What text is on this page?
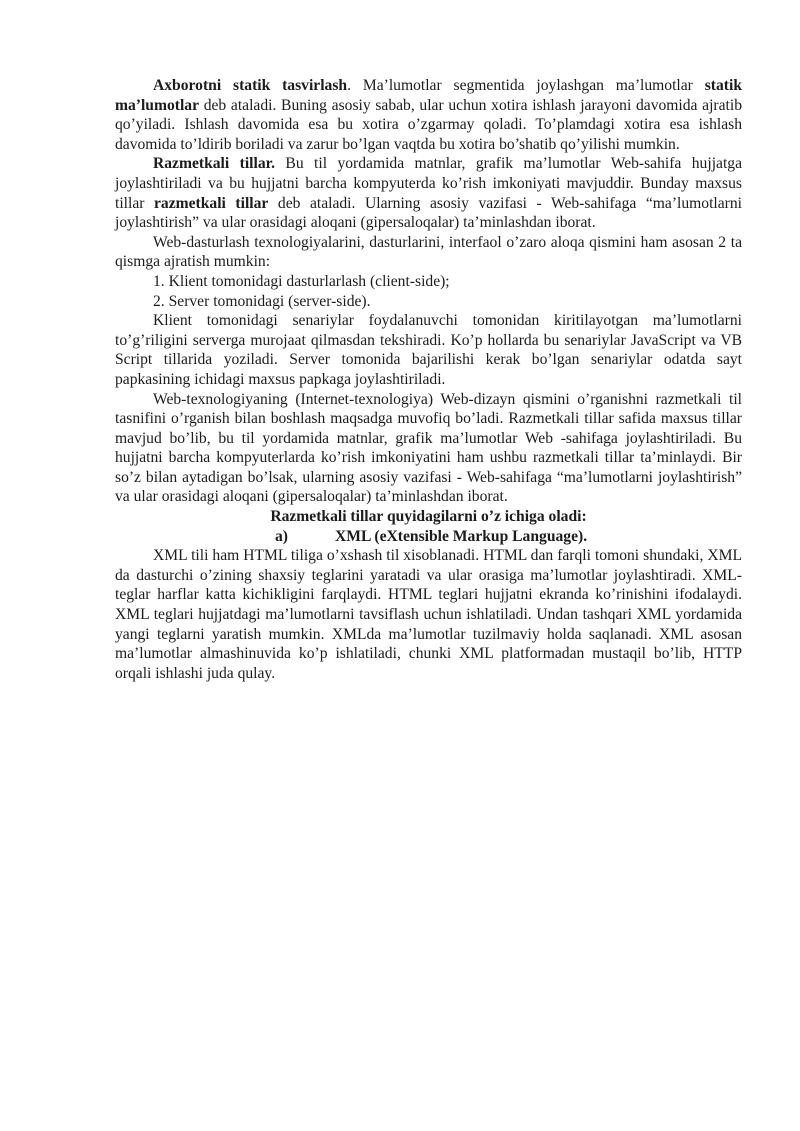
Axborotni statik tasvirlash. Ma’lumotlar segmentida joylashgan ma’lumotlar statik ma’lumotlar deb ataladi. Buning asosiy sabab, ular uchun xotira ishlash jarayoni davomida ajratib qo’yiladi. Ishlash davomida esa bu xotira o’zgarmay qoladi. To’plamdagi xotira esa ishlash davomida to’ldirib boriladi va zarur bo’lgan vaqtda bu xotira bo’shatib qo’yilishi mumkin.

Razmetkali tillar. Bu til yordamida matnlar, grafik ma’lumotlar Web-sahifa hujjatga joylashtiriladi va bu hujjatni barcha kompyuterda ko’rish imkoniyati mavjuddir. Bunday maxsus tillar razmetkali tillar deb ataladi. Ularning asosiy vazifasi - Web-sahifaga “ma’lumotlarni joylashtirish” va ular orasidagi aloqani (gipersaloqalar) ta’minlashdan iborat.

Web-dasturlash texnologiyalarini, dasturlarini, interfaol o’zaro aloqa qismini ham asosan 2 ta qismga ajratish mumkin:

1. Klient tomonidagi dasturlarlash (client-side);

2. Server tomonidagi (server-side).

Klient tomonidagi senariylar foydalanuvchi tomonidan kiritilayotgan ma’lumotlarni to’g’riligini serverga murojaat qilmasdan tekshiradi. Ko’p hollarda bu senariylar JavaScript va VB Script tillarida yoziladi. Server tomonida bajarilishi kerak bo’lgan senariylar odatda sayt papkasining ichidagi maxsus papkaga joylashtiriladi.

Web-texnologiyaning (Internet-texnologiya) Web-dizayn qismini o’rganishni razmetkali til tasnifini o’rganish bilan boshlash maqsadga muvofiq bo’ladi. Razmetkali tillar safida maxsus tillar mavjud bo’lib, bu til yordamida matnlar, grafik ma’lumotlar Web -sahifaga joylashtiriladi. Bu hujjatni barcha kompyuterlarda ko’rish imkoniyatini ham ushbu razmetkali tillar ta’minlaydi. Bir so’z bilan aytadigan bo’lsak, ularning asosiy vazifasi - Web-sahifaga “ma’lumotlarni joylashtirish” va ular orasidagi aloqani (gipersaloqalar) ta’minlashdan iborat.

Razmetkali tillar quyidagilarni o’z ichiga oladi:

a)	XML (eXtensible Markup Language).

XML tili ham HTML tiliga o’xshash til xisoblanadi. HTML dan farqli tomoni shundaki, XML da dasturchi o’zining shaxsiy teglarini yaratadi va ular orasiga ma’lumotlar joylashtiradi. XML-teglar harflar katta kichikligini farqlaydi. HTML teglari hujjatni ekranda ko’rinishini ifodalaydi. XML teglari hujjatdagi ma’lumotlarni tavsiflash uchun ishlatiladi. Undan tashqari XML yordamida yangi teglarni yaratish mumkin. XMLda ma’lumotlar tuzilmaviy holda saqlanadi. XML asosan ma’lumotlar almashinuvida ko’p ishlatiladi, chunki XML platformadan mustaqil bo’lib, HTTP orqali ishlashi juda qulay.
